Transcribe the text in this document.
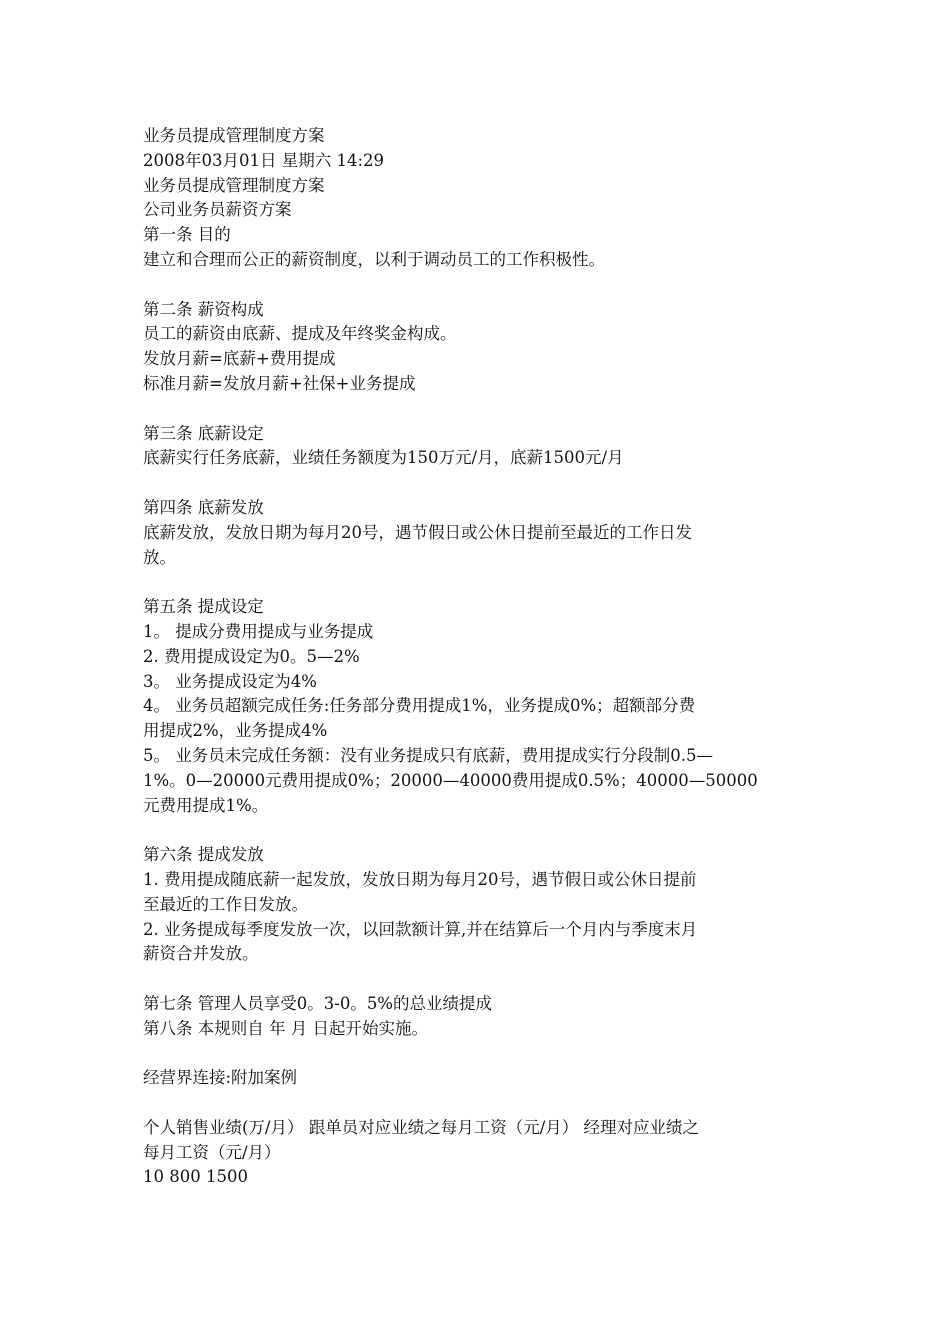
业务员提成管理制度方案
2008年03月01日 星期六 14:29
业务员提成管理制度方案
公司业务员薪资方案
第一条 目的
建立和合理而公正的薪资制度，以利于调动员工的工作积极性。
第二条 薪资构成
员工的薪资由底薪、提成及年终奖金构成。
发放月薪=底薪+费用提成
标准月薪=发放月薪+社保+业务提成
第三条 底薪设定
底薪实行任务底薪，业绩任务额度为150万元/月，底薪1500元/月
第四条 底薪发放
底薪发放，发放日期为每月20号，遇节假日或公休日提前至最近的工作日发
放。
第五条 提成设定
1。 提成分费用提成与业务提成
2. 费用提成设定为0。5—2%
3。 业务提成设定为4%
4。 业务员超额完成任务:任务部分费用提成1%，业务提成0%；超额部分费
用提成2%，业务提成4%
5。 业务员未完成任务额：没有业务提成只有底薪，费用提成实行分段制0.5—
1%。0—20000元费用提成0%；20000—40000费用提成0.5%；40000—50000
元费用提成1%。
第六条 提成发放
1. 费用提成随底薪一起发放，发放日期为每月20号，遇节假日或公休日提前
至最近的工作日发放。
2. 业务提成每季度发放一次，以回款额计算,并在结算后一个月内与季度末月
薪资合并发放。
第七条 管理人员享受0。3-0。5%的总业绩提成
第八条 本规则自 年 月 日起开始实施。
经营界连接:附加案例
个人销售业绩(万/月） 跟单员对应业绩之每月工资（元/月） 经理对应业绩之
每月工资（元/月）
10 800 1500
